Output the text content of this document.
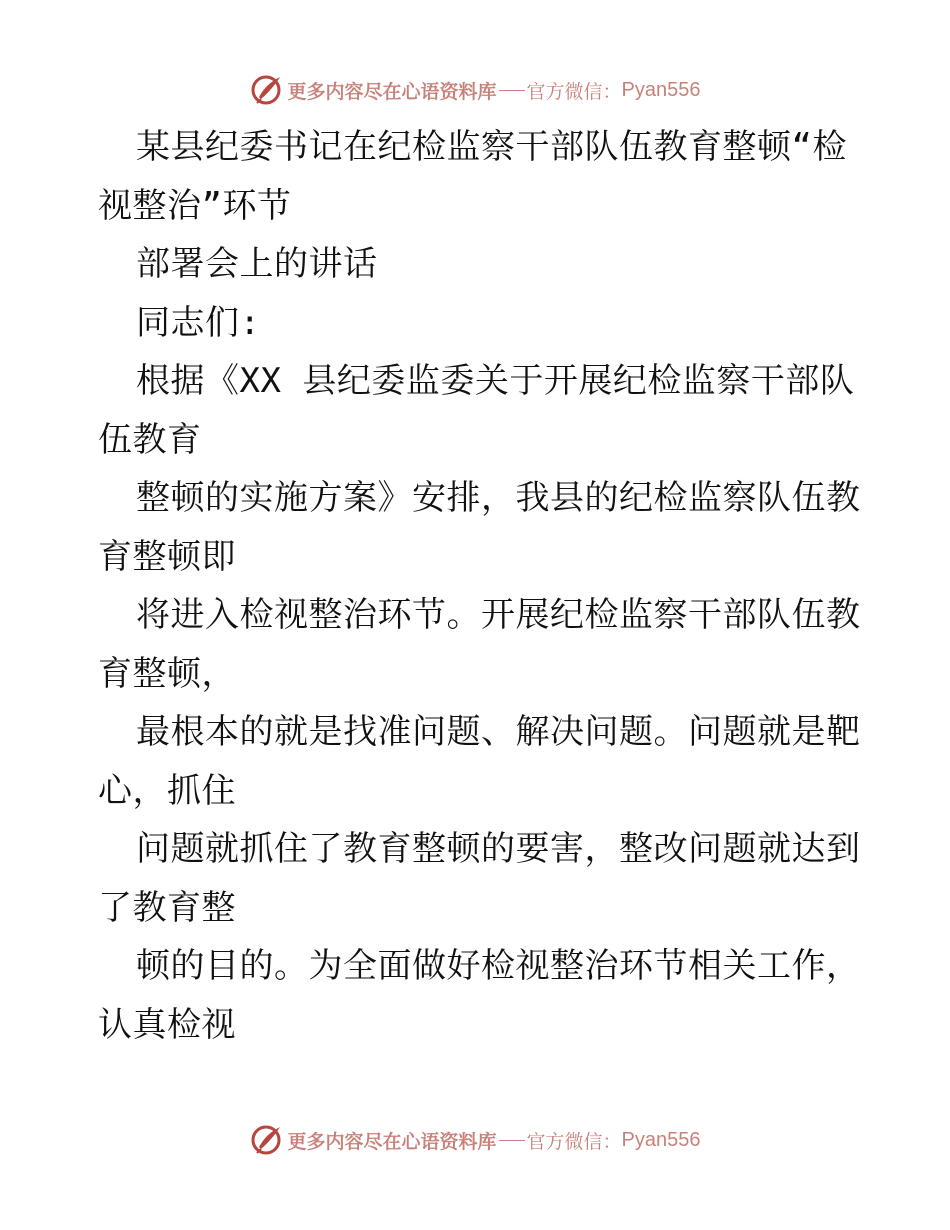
更多内容尽在心语资料库 官方微信： Pyan556
某县纪委书记在纪检监察干部队伍教育整顿“检
视整治”环节
部署会上的讲话
同志们:
根据《XX 县纪委监委关于开展纪检监察干部队
伍教育
整顿的实施方案》安排，我县的纪检监察队伍教
育整顿即
将进入检视整治环节。开展纪检监察干部队伍教
育整顿，
最根本的就是找准问题、解决问题。问题就是靶
心，抓住
问题就抓住了教育整顿的要害，整改问题就达到
了教育整
顿的目的。为全面做好检视整治环节相关工作，
认真检视
更多内容尽在心语资料库 官方微信： Pyan556
